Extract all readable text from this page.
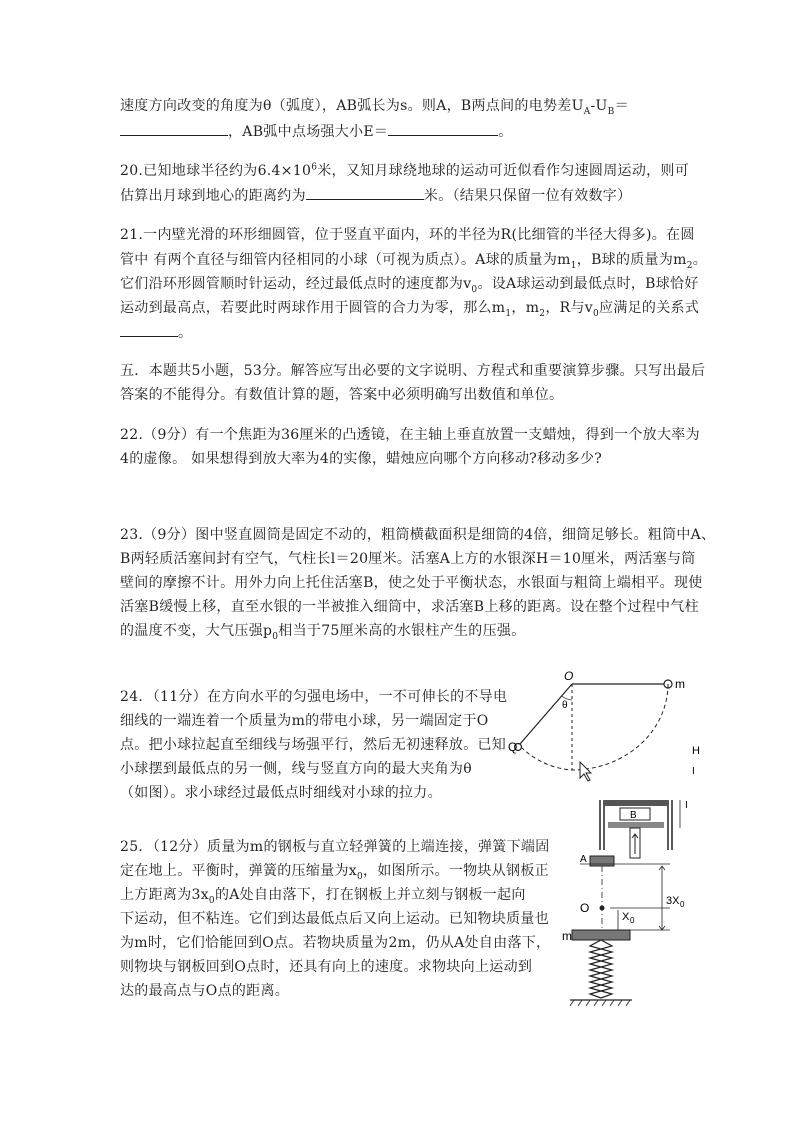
速度方向改变的角度为θ（弧度），AB弧长为s。则A，B两点间的电势差$U_A-U_B=$
，AB弧中点场强大小E＝	。
20.已知地球半径约为$6.4\times 10^6$米，又知月球绕地球的运动可近似看作匀速圆周运动，则可
估算出月球到地心的距离约为	米。（结果只保留一位有效数字）
21.一内壁光滑的环形细圆管，位于竖直平面内，环的半径为R(比细管的半径大得多)。在圆
管中 有两个直径与细管内径相同的小球（可视为质点）。A球的质量为$m_1$，B球的质量为$m_2$。
它们沿环形圆管顺时针运动，经过最低点时的速度都为$v_0$。设A球运动到最低点时，B球恰好
运动到最高点，若要此时两球作用于圆管的合力为零，那么$m_1$，$m_2$，R与$v_0$应满足的关系式
。
五．本题共5小题，53分。解答应写出必要的文字说明、方程式和重要演算步骤。只写出最后
答案的不能得分。有数值计算的题，答案中必须明确写出数值和单位。
22.（9分）有一个焦距为36厘米的凸透镜，在主轴上垂直放置一支蜡烛，得到一个放大率为
4的虚像。 如果想得到放大率为4的实像，蜡烛应向哪个方向移动?移动多少?
23.（9分）图中竖直圆筒是固定不动的，粗筒横截面积是细筒的4倍，细筒足够长。粗筒中A、
B两轻质活塞间封有空气，气柱长l＝20厘米。活塞A上方的水银深H＝10厘米，两活塞与筒
壁间的摩擦不计。用外力向上托住活塞B，使之处于平衡状态，水银面与粗筒上端相平。现使
活塞B缓慢上移，直至水银的一半被推入细筒中，求活塞B上移的距离。设在整个过程中气柱
的温度不变，大气压强$p_0$相当于75厘米高的水银柱产生的压强。
24．（11分）在方向水平的匀强电场中，一不可伸长的不导电
细线的一端连着一个质量为m的带电小球，另一端固定于O
点。把小球拉起直至细线与场强平行，然后无初速释放。已知
小球摆到最低点的另一侧，线与竖直方向的最大夹角为θ
（如图）。求小球经过最低点时细线对小球的拉力。
O
m
Q
θ
H
I
25．（12分）质量为m的钢板与直立轻弹簧的上端连接，弹簧下端固
定在地上。平衡时，弹簧的压缩量为$x_0$，如图所示。一物块从钢板正
上方距离为$3x_0$的A处自由落下，打在钢板上并立刻与钢板一起向
下运动，但不粘连。它们到达最低点后又向上运动。已知物块质量也
为m时，它们恰能回到O点。若物块质量为2m，仍从A处自由落下，
则物块与钢板回到O点时，还具有向上的速度。求物块向上运动到
达的最高点与O点的距离。
B
I
A
O
X 0
3X 0
m
